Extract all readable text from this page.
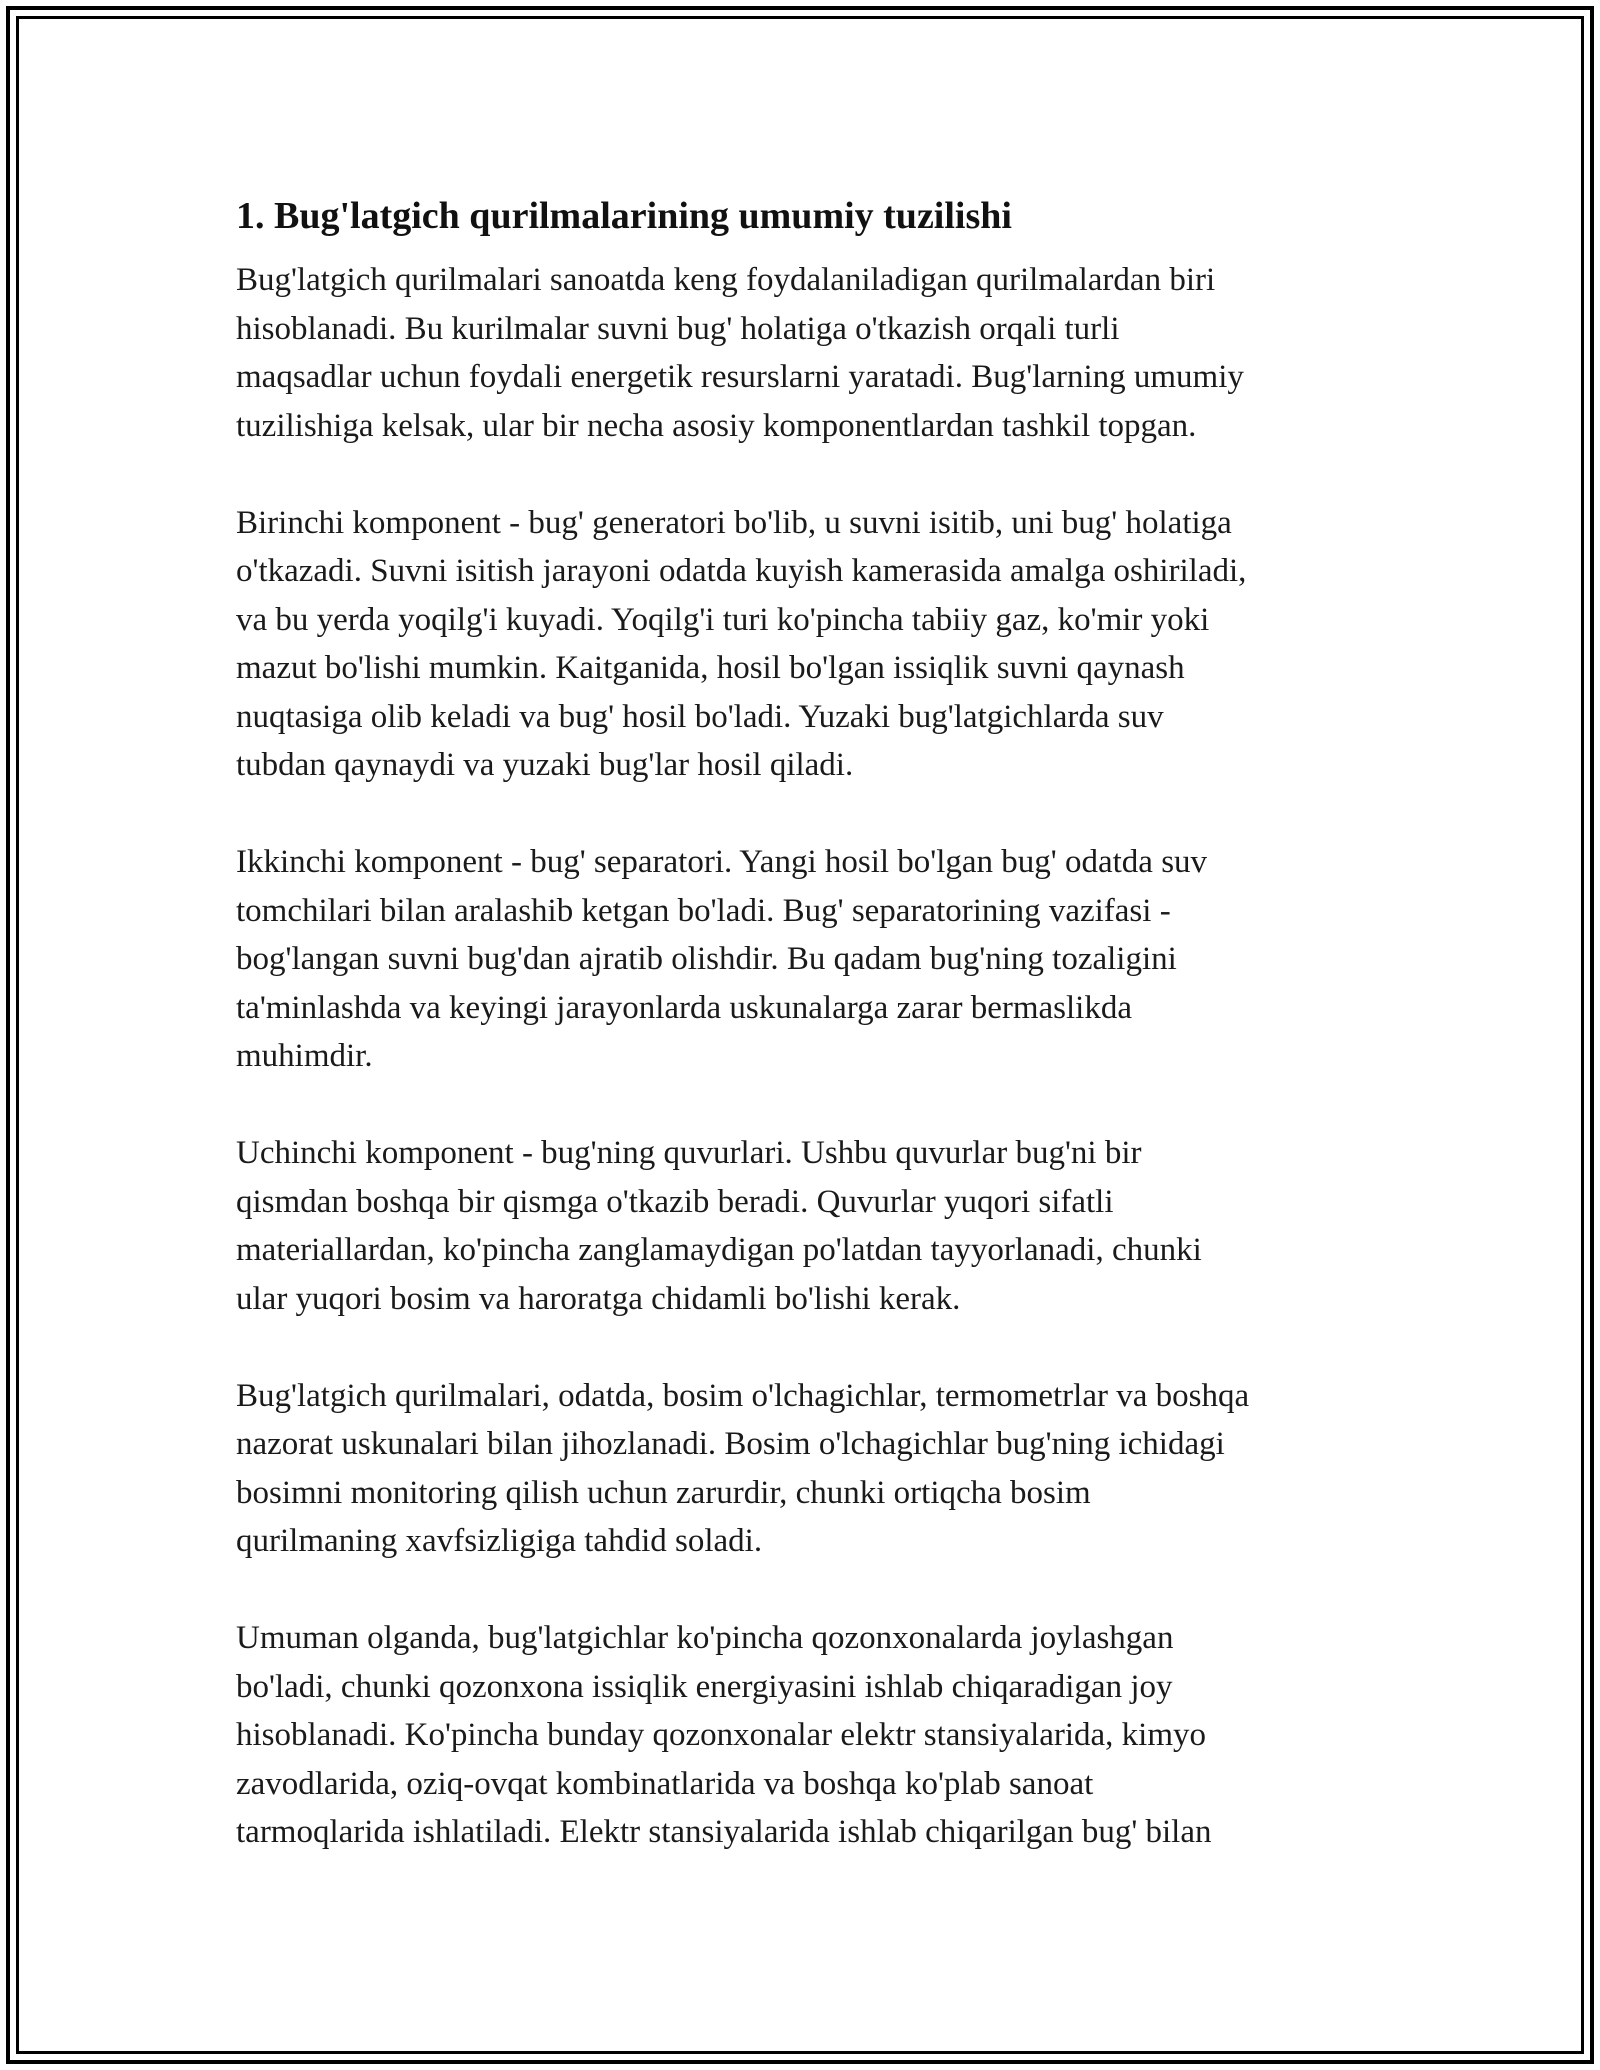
1. Bug'latgich qurilmalarining umumiy tuzilishi

Bug'latgich qurilmalari sanoatda keng foydalaniladigan qurilmalardan biri
hisoblanadi. Bu kurilmalar suvni bug' holatiga o'tkazish orqali turli
maqsadlar uchun foydali energetik resurslarni yaratadi. Bug'larning umumiy
tuzilishiga kelsak, ular bir necha asosiy komponentlardan tashkil topgan.

Birinchi komponent - bug' generatori bo'lib, u suvni isitib, uni bug' holatiga
o'tkazadi. Suvni isitish jarayoni odatda kuyish kamerasida amalga oshiriladi,
va bu yerda yoqilg'i kuyadi. Yoqilg'i turi ko'pincha tabiiy gaz, ko'mir yoki
mazut bo'lishi mumkin. Kaitganida, hosil bo'lgan issiqlik suvni qaynash
nuqtasiga olib keladi va bug' hosil bo'ladi. Yuzaki bug'latgichlarda suv
tubdan qaynaydi va yuzaki bug'lar hosil qiladi.

Ikkinchi komponent - bug' separatori. Yangi hosil bo'lgan bug' odatda suv
tomchilari bilan aralashib ketgan bo'ladi. Bug' separatorining vazifasi -
bog'langan suvni bug'dan ajratib olishdir. Bu qadam bug'ning tozaligini
ta'minlashda va keyingi jarayonlarda uskunalarga zarar bermaslikda
muhimdir.

Uchinchi komponent - bug'ning quvurlari. Ushbu quvurlar bug'ni bir
qismdan boshqa bir qismga o'tkazib beradi. Quvurlar yuqori sifatli
materiallardan, ko'pincha zanglamaydigan po'latdan tayyorlanadi, chunki
ular yuqori bosim va haroratga chidamli bo'lishi kerak.

Bug'latgich qurilmalari, odatda, bosim o'lchagichlar, termometrlar va boshqa
nazorat uskunalari bilan jihozlanadi. Bosim o'lchagichlar bug'ning ichidagi
bosimni monitoring qilish uchun zarurdir, chunki ortiqcha bosim
qurilmaning xavfsizligiga tahdid soladi.

Umuman olganda, bug'latgichlar ko'pincha qozonxonalarda joylashgan
bo'ladi, chunki qozonxona issiqlik energiyasini ishlab chiqaradigan joy
hisoblanadi. Ko'pincha bunday qozonxonalar elektr stansiyalarida, kimyo
zavodlarida, oziq-ovqat kombinatlarida va boshqa ko'plab sanoat
tarmoqlarida ishlatiladi. Elektr stansiyalarida ishlab chiqarilgan bug' bilan
